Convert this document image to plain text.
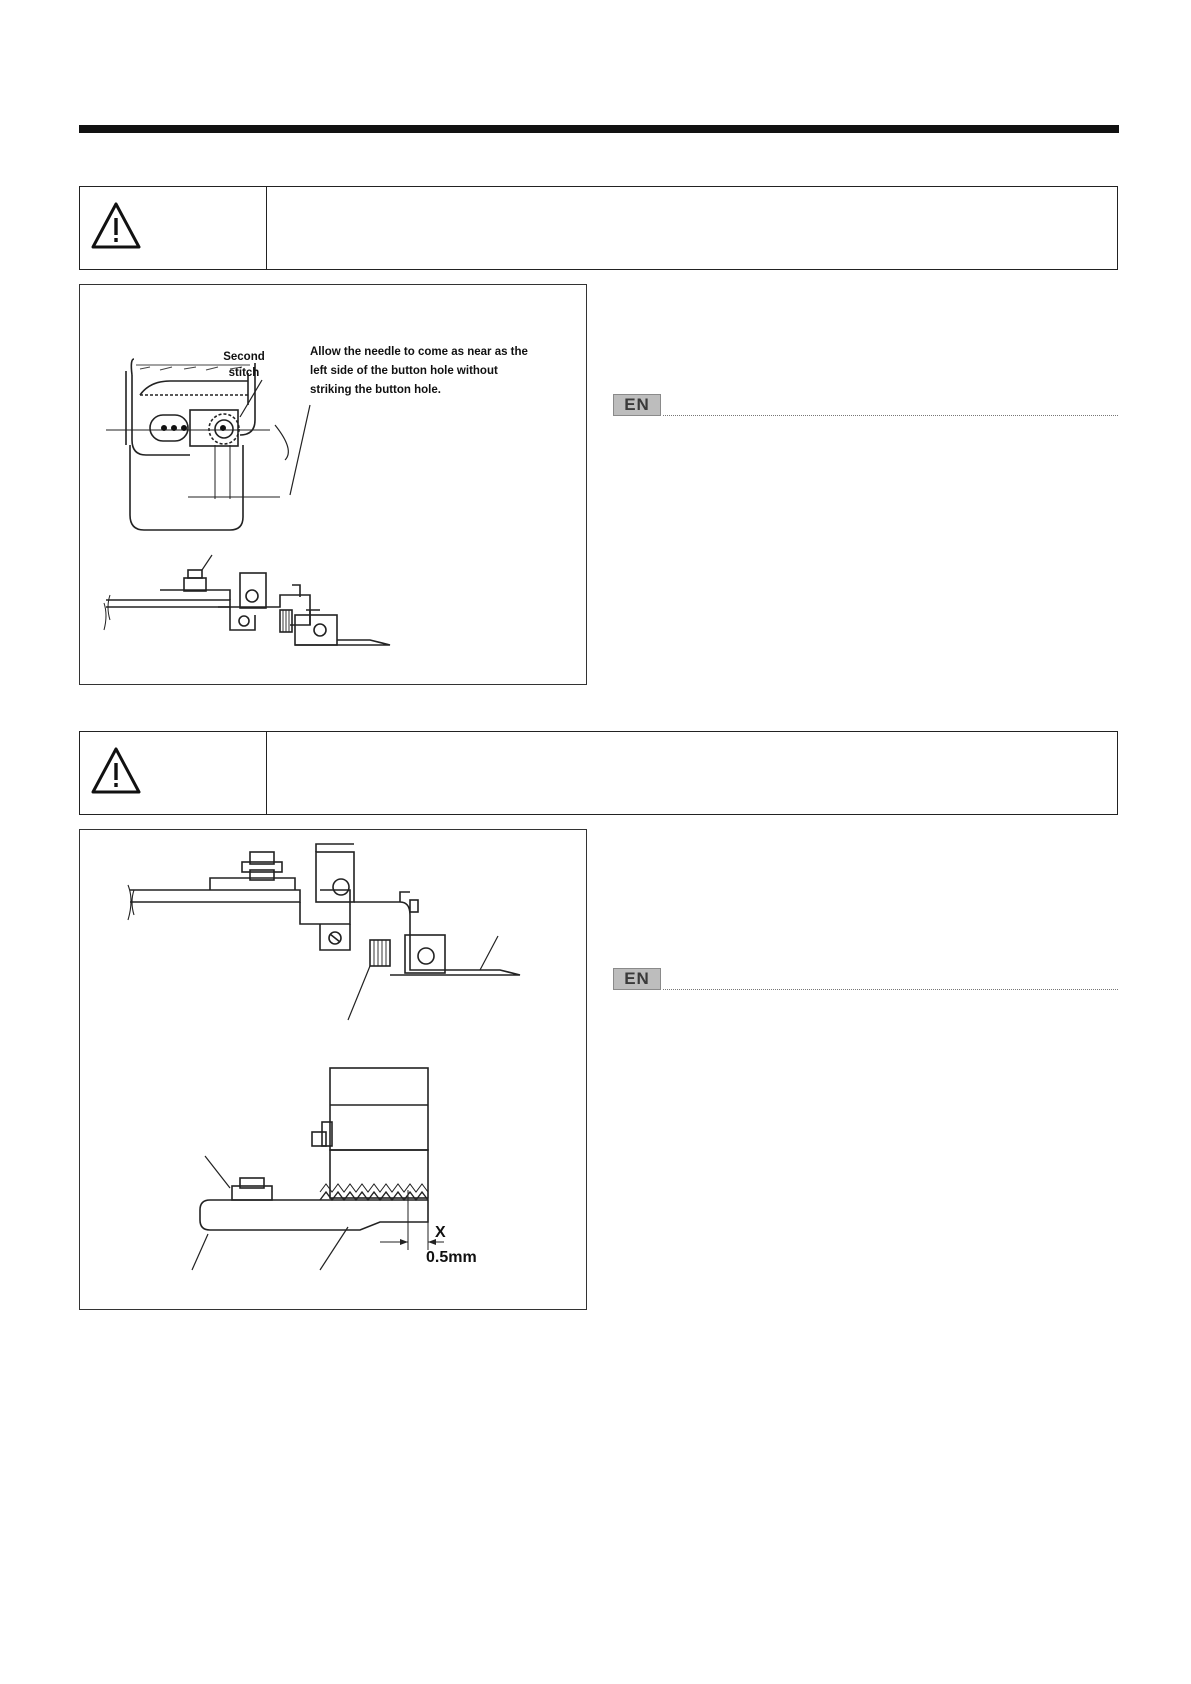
Second
stitch
Allow the needle to come as near as the
left side of the button hole without
striking the button hole.
EN
X
0.5mm
EN
